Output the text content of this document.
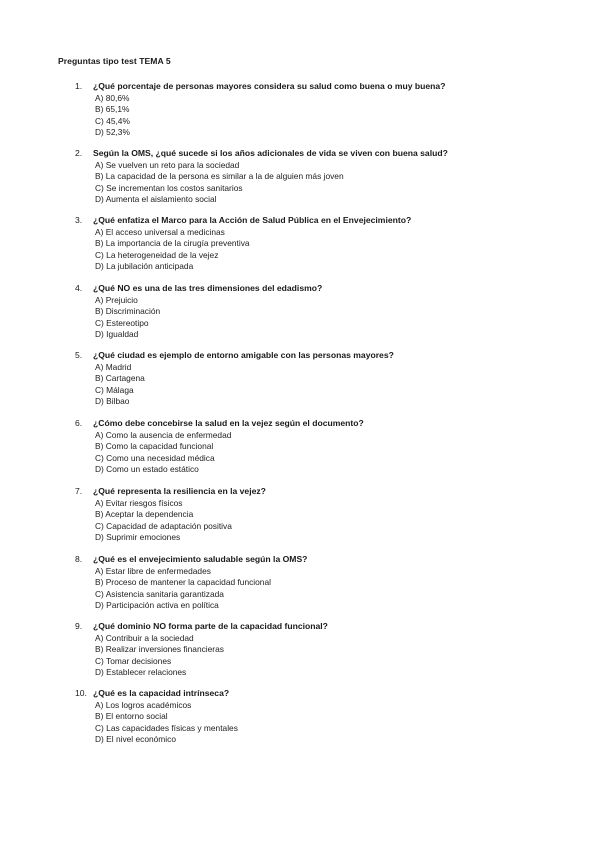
Preguntas tipo test TEMA 5
1. ¿Qué porcentaje de personas mayores considera su salud como buena o muy buena?
A) 80,6%
B) 65,1%
C) 45,4%
D) 52,3%
2. Según la OMS, ¿qué sucede si los años adicionales de vida se viven con buena salud?
A) Se vuelven un reto para la sociedad
B) La capacidad de la persona es similar a la de alguien más joven
C) Se incrementan los costos sanitarios
D) Aumenta el aislamiento social
3. ¿Qué enfatiza el Marco para la Acción de Salud Pública en el Envejecimiento?
A) El acceso universal a medicinas
B) La importancia de la cirugía preventiva
C) La heterogeneidad de la vejez
D) La jubilación anticipada
4. ¿Qué NO es una de las tres dimensiones del edadismo?
A) Prejuicio
B) Discriminación
C) Estereotipo
D) Igualdad
5. ¿Qué ciudad es ejemplo de entorno amigable con las personas mayores?
A) Madrid
B) Cartagena
C) Málaga
D) Bilbao
6. ¿Cómo debe concebirse la salud en la vejez según el documento?
A) Como la ausencia de enfermedad
B) Como la capacidad funcional
C) Como una necesidad médica
D) Como un estado estático
7. ¿Qué representa la resiliencia en la vejez?
A) Evitar riesgos físicos
B) Aceptar la dependencia
C) Capacidad de adaptación positiva
D) Suprimir emociones
8. ¿Qué es el envejecimiento saludable según la OMS?
A) Estar libre de enfermedades
B) Proceso de mantener la capacidad funcional
C) Asistencia sanitaria garantizada
D) Participación activa en política
9. ¿Qué dominio NO forma parte de la capacidad funcional?
A) Contribuir a la sociedad
B) Realizar inversiones financieras
C) Tomar decisiones
D) Establecer relaciones
10. ¿Qué es la capacidad intrínseca?
A) Los logros académicos
B) El entorno social
C) Las capacidades físicas y mentales
D) El nivel económico
